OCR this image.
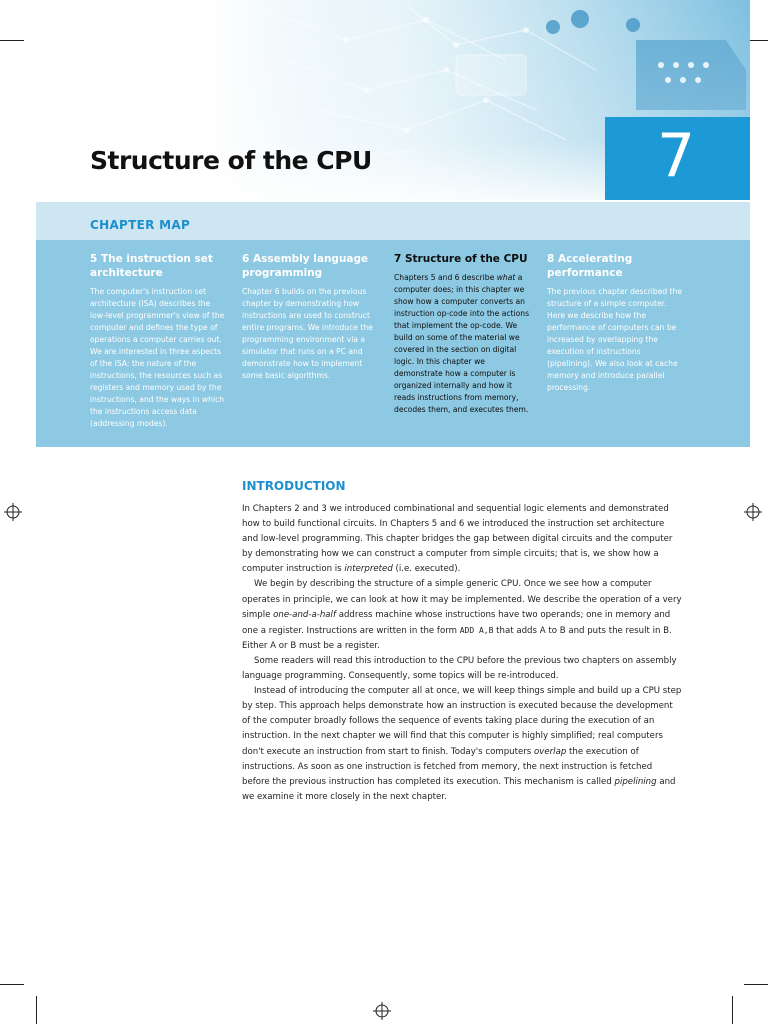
Structure of the CPU	7
CHAPTER MAP

5 The instruction set architecture

The computer's instruction set architecture (ISA) describes the low-level programmer's view of the computer and defines the type of operations a computer carries out. We are interested in three aspects of the ISA: the nature of the instructions, the resources such as registers and memory used by the instructions, and the ways in which the instructions access data (addressing modes).

6 Assembly language programming

Chapter 6 builds on the previous chapter by demonstrating how instructions are used to construct entire programs. We introduce the programming environment via a simulator that runs on a PC and demonstrate how to implement some basic algorithms.

7 Structure of the CPU

Chapters 5 and 6 describe what a computer does; in this chapter we show how a computer converts an instruction op-code into the actions that implement the op-code. We build on some of the material we covered in the section on digital logic. In this chapter we demonstrate how a computer is organized internally and how it reads instructions from memory, decodes them, and executes them.

8 Accelerating performance

The previous chapter described the structure of a simple computer. Here we describe how the performance of computers can be increased by overlapping the execution of instructions (pipelining). We also look at cache memory and introduce parallel processing.

INTRODUCTION

In Chapters 2 and 3 we introduced combinational and sequential logic elements and demonstrated how to build functional circuits. In Chapters 5 and 6 we introduced the instruction set architecture and low-level programming. This chapter bridges the gap between digital circuits and the computer by demonstrating how we can construct a computer from simple circuits; that is, we show how a computer instruction is interpreted (i.e. executed).

We begin by describing the structure of a simple generic CPU. Once we see how a computer operates in principle, we can look at how it may be implemented. We describe the operation of a very simple one-and-a-half address machine whose instructions have two operands; one in memory and one a register. Instructions are written in the form ADD A,B that adds A to B and puts the result in B. Either A or B must be a register.

Some readers will read this introduction to the CPU before the previous two chapters on assembly language programming. Consequently, some topics will be re-introduced.

Instead of introducing the computer all at once, we will keep things simple and build up a CPU step by step. This approach helps demonstrate how an instruction is executed because the development of the computer broadly follows the sequence of events taking place during the execution of an instruction. In the next chapter we will find that this computer is highly simplified; real computers don't execute an instruction from start to finish. Today's computers overlap the execution of instructions. As soon as one instruction is fetched from memory, the next instruction is fetched before the previous instruction has completed its execution. This mechanism is called pipelining and we examine it more closely in the next chapter.
